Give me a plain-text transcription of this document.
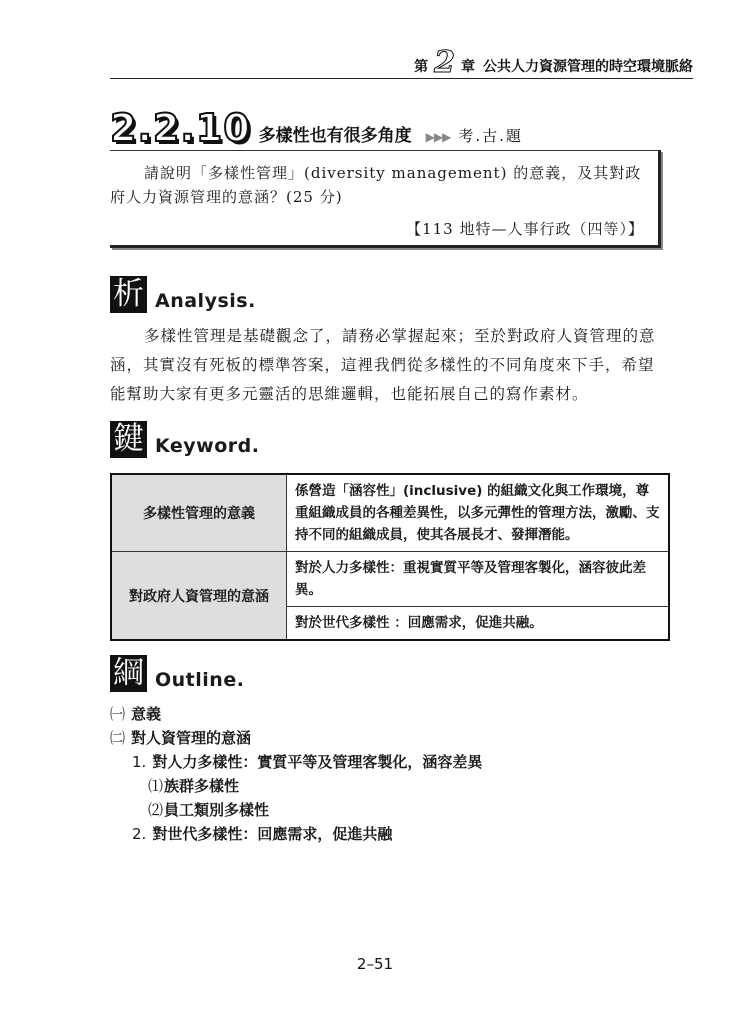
第 2 章 公共人力資源管理的時空環境脈絡
2.2.10 多樣性也有很多角度 ▶▶▶ 考.古.題

請說明「多樣性管理」(diversity management) 的意義，及其對政府人力資源管理的意涵？(25 分)

【113 地特—人事行政（四等）】
析 Analysis.

多樣性管理是基礎觀念了，請務必掌握起來；至於對政府人資管理的意涵，其實沒有死板的標準答案，這裡我們從多樣性的不同角度來下手，希望能幫助大家有更多元靈活的思維邏輯，也能拓展自己的寫作素材。

鍵 Keyword.
多樣性管理的意義	係營造「涵容性」(inclusive) 的組織文化與工作環境，尊重組織成員的各種差異性，以多元彈性的管理方法，激勵、支持不同的組織成員，使其各展長才、發揮潛能。
對政府人資管理的意涵	對於人力多樣性：重視實質平等及管理客製化，涵容彼此差異。
	對於世代多樣性 ：回應需求，促進共融。
綱 Outline.
㈠ 意義
㈡ 對人資管理的意涵
1. 對人力多樣性：實質平等及管理客製化，涵容差異
⑴族群多樣性
⑵員工類別多樣性
2. 對世代多樣性：回應需求，促進共融
2–51
